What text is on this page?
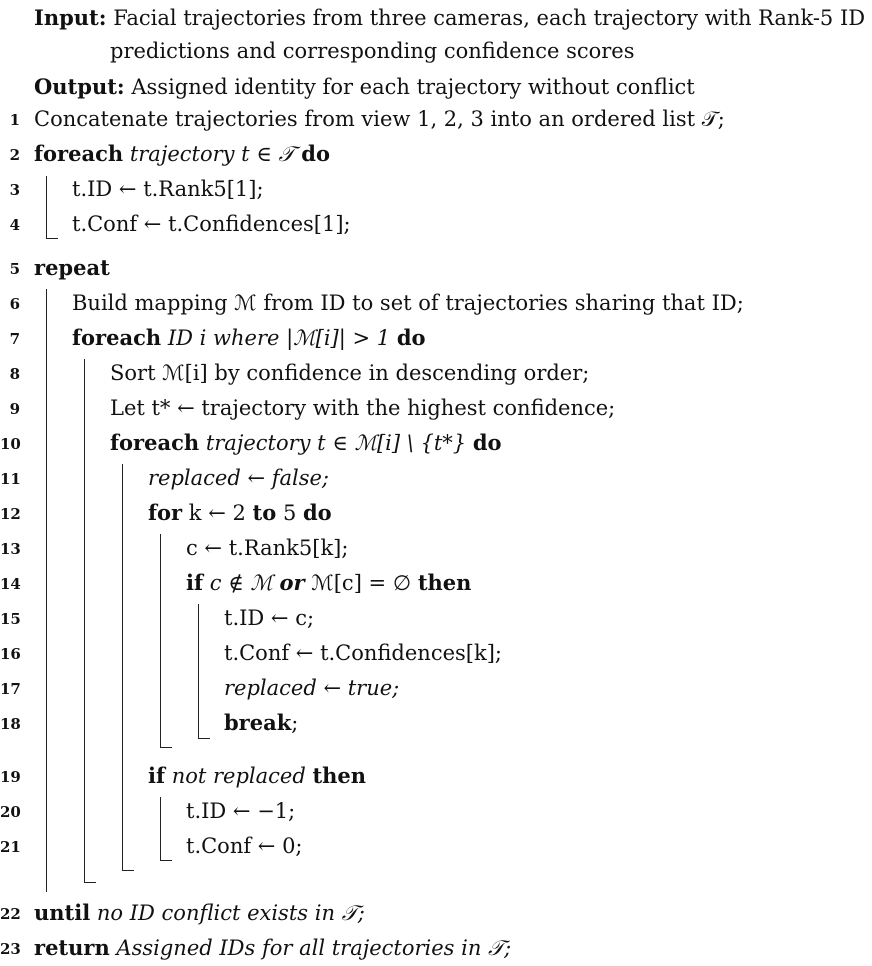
Input: Facial trajectories from three cameras, each trajectory with Rank-5 ID
predictions and corresponding confidence scores
Output: Assigned identity for each trajectory without conflict
1
2
3
4
5
6
7
8
9
10
11
12
13
14
15
16
17
18
19
20
21
22
23
Concatenate trajectories from view 1, 2, 3 into an ordered list 𝒯;
foreach trajectory t ∈ 𝒯 do
t.ID ← t.Rank5[1];
t.Conf ← t.Confidences[1];
repeat
Build mapping ℳ from ID to set of trajectories sharing that ID;
foreach ID i where |ℳ[i]| > 1 do
Sort ℳ[i] by confidence in descending order;
Let t* ← trajectory with the highest confidence;
foreach trajectory t ∈ ℳ[i] \ {t*} do
replaced ← false;
for k ← 2 to 5 do
c ← t.Rank5[k];
if c ∉ ℳ or ℳ[c] = ∅ then
t.ID ← c;
t.Conf ← t.Confidences[k];
replaced ← true;
break;
if not replaced then
t.ID ← −1;
t.Conf ← 0;
until no ID conflict exists in 𝒯;
return Assigned IDs for all trajectories in 𝒯;
